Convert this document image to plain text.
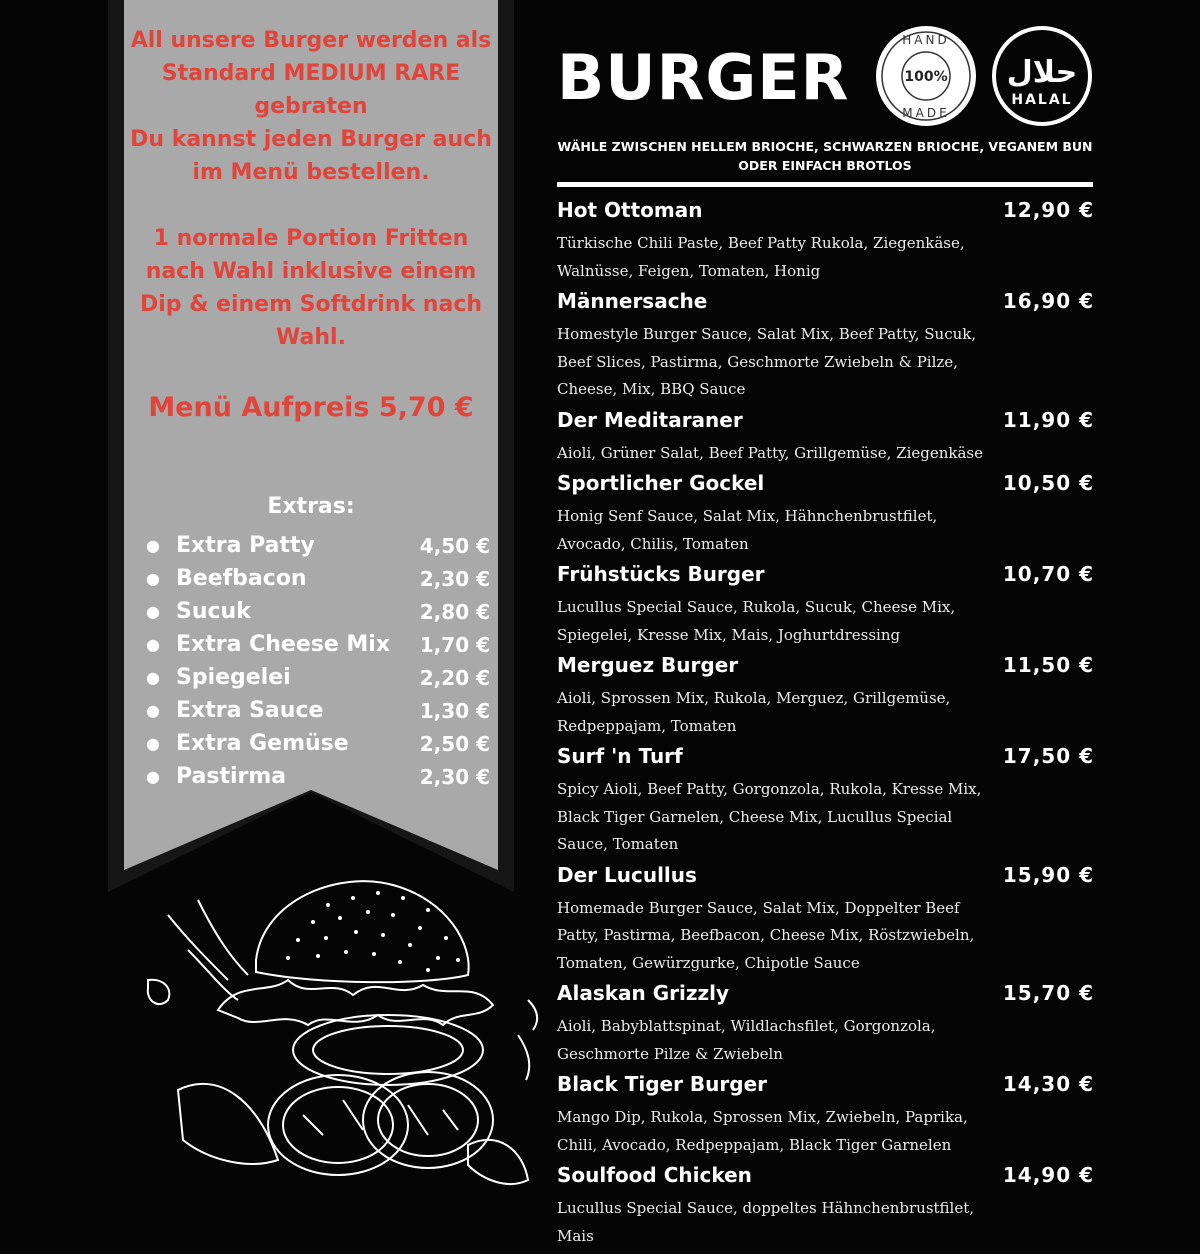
All unsere Burger werden als Standard MEDIUM RARE gebraten
Du kannst jeden Burger auch im Menü bestellen.
1 normale Portion Fritten nach Wahl inklusive einem Dip & einem Softdrink nach Wahl.
Menü Aufpreis 5,70 €
Extras:
● Extra Patty	4,50 €
● Beefbacon	2,30 €
● Sucuk	2,80 €
● Extra Cheese Mix	1,70 €
● Spiegelei	2,20 €
● Extra Sauce	1,30 €
● Extra Gemüse	2,50 €
● Pastirma	2,30 €
BURGER
HAND
100%
MADE
حلال
HALAL
WÄHLE ZWISCHEN HELLEM BRIOCHE, SCHWARZEN BRIOCHE, VEGANEM BUN ODER EINFACH BROTLOS
Hot Ottoman	12,90 €
Türkische Chili Paste, Beef Patty Rukola, Ziegenkäse, Walnüsse, Feigen, Tomaten, Honig
Männersache	16,90 €
Homestyle Burger Sauce, Salat Mix, Beef Patty, Sucuk, Beef Slices, Pastirma, Geschmorte Zwiebeln & Pilze, Cheese, Mix, BBQ Sauce
Der Meditaraner	11,90 €
Aioli, Grüner Salat, Beef Patty, Grillgemüse, Ziegenkäse
Sportlicher Gockel	10,50 €
Honig Senf Sauce, Salat Mix, Hähnchenbrustfilet, Avocado, Chilis, Tomaten
Frühstücks Burger	10,70 €
Lucullus Special Sauce, Rukola, Sucuk, Cheese Mix, Spiegelei, Kresse Mix, Mais, Joghurtdressing
Merguez Burger	11,50 €
Aioli, Sprossen Mix, Rukola, Merguez, Grillgemüse, Redpeppajam, Tomaten
Surf 'n Turf	17,50 €
Spicy Aioli, Beef Patty, Gorgonzola, Rukola, Kresse Mix, Black Tiger Garnelen, Cheese Mix, Lucullus Special Sauce, Tomaten
Der Lucullus	15,90 €
Homemade Burger Sauce, Salat Mix, Doppelter Beef Patty, Pastirma, Beefbacon, Cheese Mix, Röstzwiebeln, Tomaten, Gewürzgurke, Chipotle Sauce
Alaskan Grizzly	15,70 €
Aioli, Babyblattspinat, Wildlachsfilet, Gorgonzola, Geschmorte Pilze & Zwiebeln
Black Tiger Burger	14,30 €
Mango Dip, Rukola, Sprossen Mix, Zwiebeln, Paprika, Chili, Avocado, Redpeppajam, Black Tiger Garnelen
Soulfood Chicken	14,90 €
Lucullus Special Sauce, doppeltes Hähnchenbrustfilet, Mais
